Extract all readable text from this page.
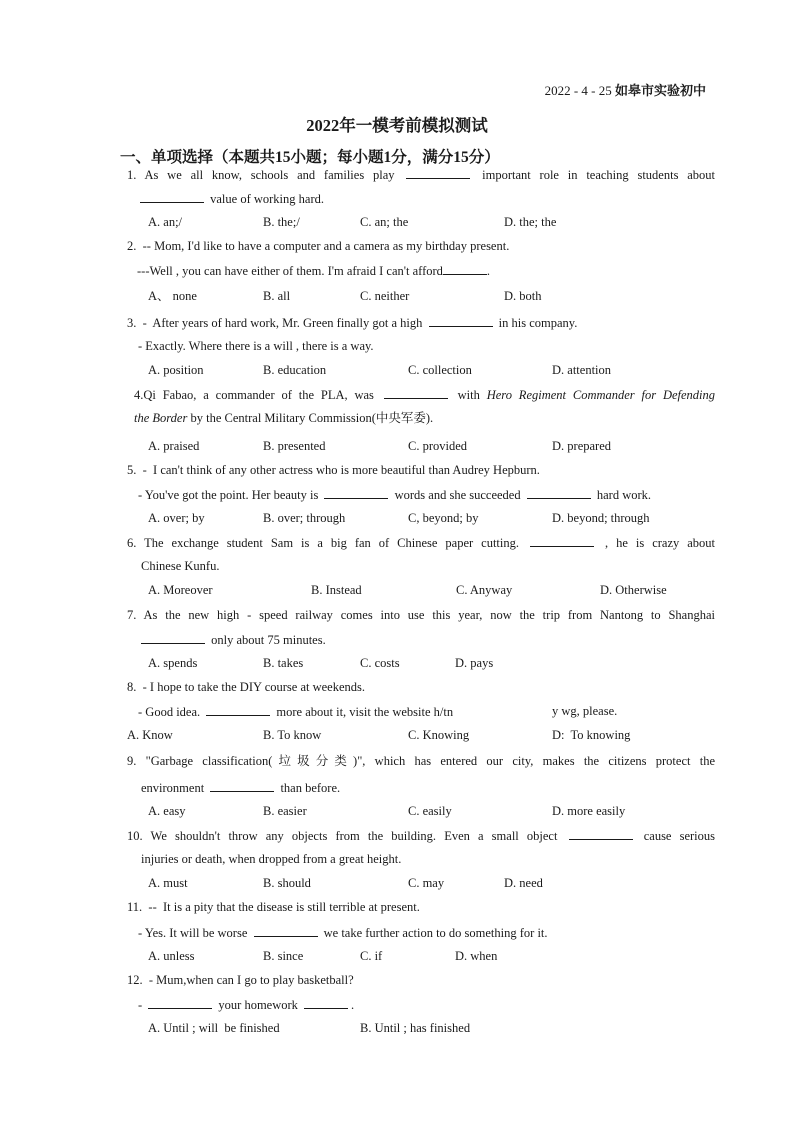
2022 - 4 - 25 如皋市实验初中
2022年一模考前模拟测试
一、单项选择（本题共15小题；每小题1分，满分15分）
1. As we all know, schools and families play	important role in teaching students about
value of working hard.
A. an;/	B. the;/	C. an; the	D. the; the
2.  -- Mom, I'd like to have a computer and a camera as my birthday present.
---Well , you can have either of them. I'm afraid I can't afford	.
A、 none	B. all	C. neither	D. both
3.  -  After years of hard work, Mr. Green finally got a high	in his company.
- Exactly. Where there is a will , there is a way.
A. position	B. education	C. collection	D. attention
4.Qi Fabao, a commander of the PLA, was	with Hero Regiment Commander for Defending
the Border by the Central Military Commission(中央军委).
A. praised	B. presented	C. provided	D. prepared
5.  -  I can't think of any other actress who is more beautiful than Audrey Hepburn.
- You've got the point. Her beauty is	words and she succeeded	hard work.
A. over; by	B. over; through	C, beyond; by	D. beyond; through
6. The exchange student Sam is a big fan of Chinese paper cutting.	, he is crazy about
Chinese Kunfu.
A. Moreover	B. Instead	C. Anyway	D. Otherwise
7. As the new high - speed railway comes into use this year, now the trip from Nantong to Shanghai
only about 75 minutes.
A. spends	B. takes	C. costs	D. pays
8.  - I hope to take the DIY course at weekends.
- Good idea.	more about it, visit the website h/tn	y wg, please.
A. Know	B. To know	C. Knowing	D:  To knowing
9. "Garbage classification(垃圾分类)", which has entered our city, makes the citizens protect the
environment	than before.
A. easy	B. easier	C. easily	D. more easily
10. We shouldn't throw any objects from the building. Even a small object	cause serious
injuries or death, when dropped from a great height.
A. must	B. should	C. may	D. need
11.  --  It is a pity that the disease is still terrible at present.
- Yes. It will be worse	we take further action to do something for it.
A. unless	B. since	C. if	D. when
12.  - Mum,when can I go to play basketball?
-	your homework	.
A. Until ; will  be finished	B. Until ; has finished
